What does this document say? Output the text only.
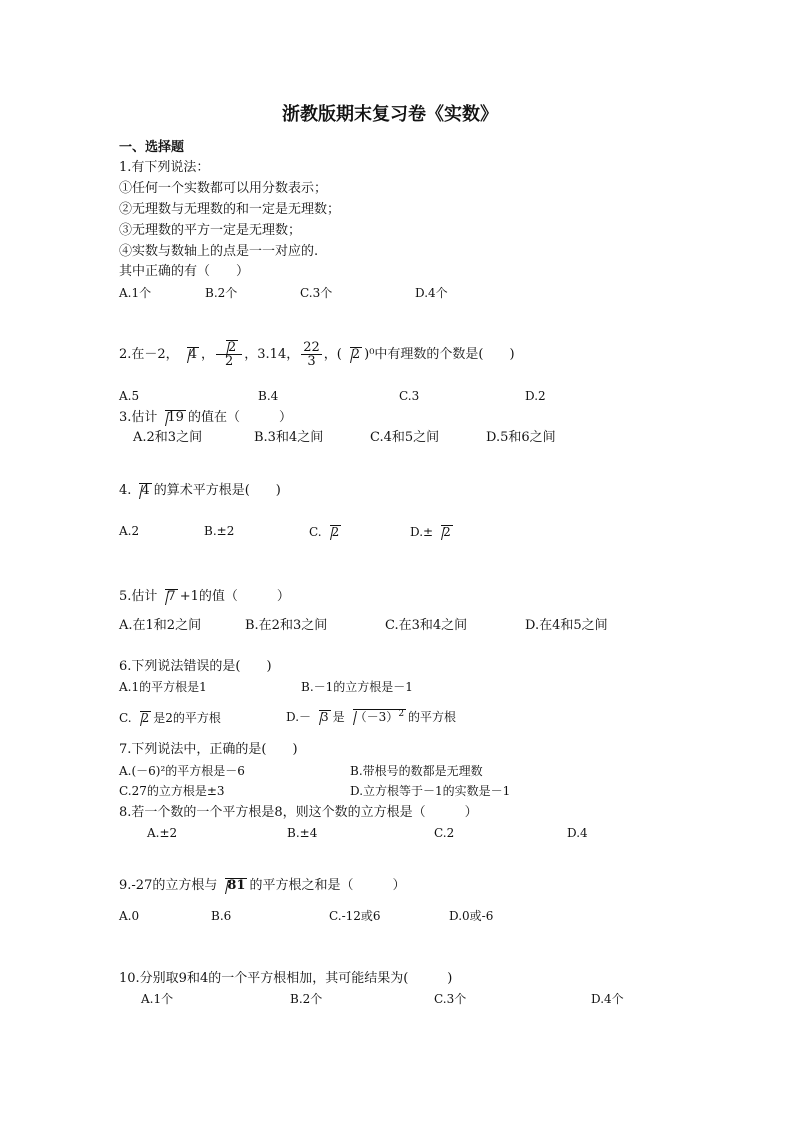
浙教版期末复习卷《实数》
一、选择题
1.有下列说法：
①任何一个实数都可以用分数表示；
②无理数与无理数的和一定是无理数；
③无理数的平方一定是无理数；
④实数与数轴上的点是一一对应的.
其中正确的有（　　）
A.1个	B.2个	C.3个	D.4个
2.在－2， 4 ， $\frac{2}{2}$ ，3.14， $\frac{22}{3}$ ，( 2 )⁰中有理数的个数是(　　)
A.5	B.4	C.3	D.2
3.估计 19 的值在（　　　）
A.2和3之间	B.3和4之间	C.4和5之间	D.5和6之间
4. 4 的算术平方根是(　　)
A.2	B.±2	C. 2	D.± 2
5.估计 7 +1的值（　　　）
A.在1和2之间	B.在2和3之间	C.在3和4之间	D.在4和5之间
6.下列说法错误的是(　　)
A.1的平方根是1	B.－1的立方根是－1
C. 2 是2的平方根	D.－ 3 是 $(-3)^2$ 的平方根
7.下列说法中，正确的是(　　)
A.(－6)²的平方根是－6	B.带根号的数都是无理数
C.27的立方根是±3	D.立方根等于－1的实数是－1
8.若一个数的一个平方根是8，则这个数的立方根是（　　　）
A.±2	B.±4	C.2	D.4
9.-27的立方根与 81 的平方根之和是（　　　）
A.0	B.6	C.-12或6	D.0或-6
10.分别取9和4的一个平方根相加，其可能结果为(　　　)
A.1个	B.2个	C.3个	D.4个
